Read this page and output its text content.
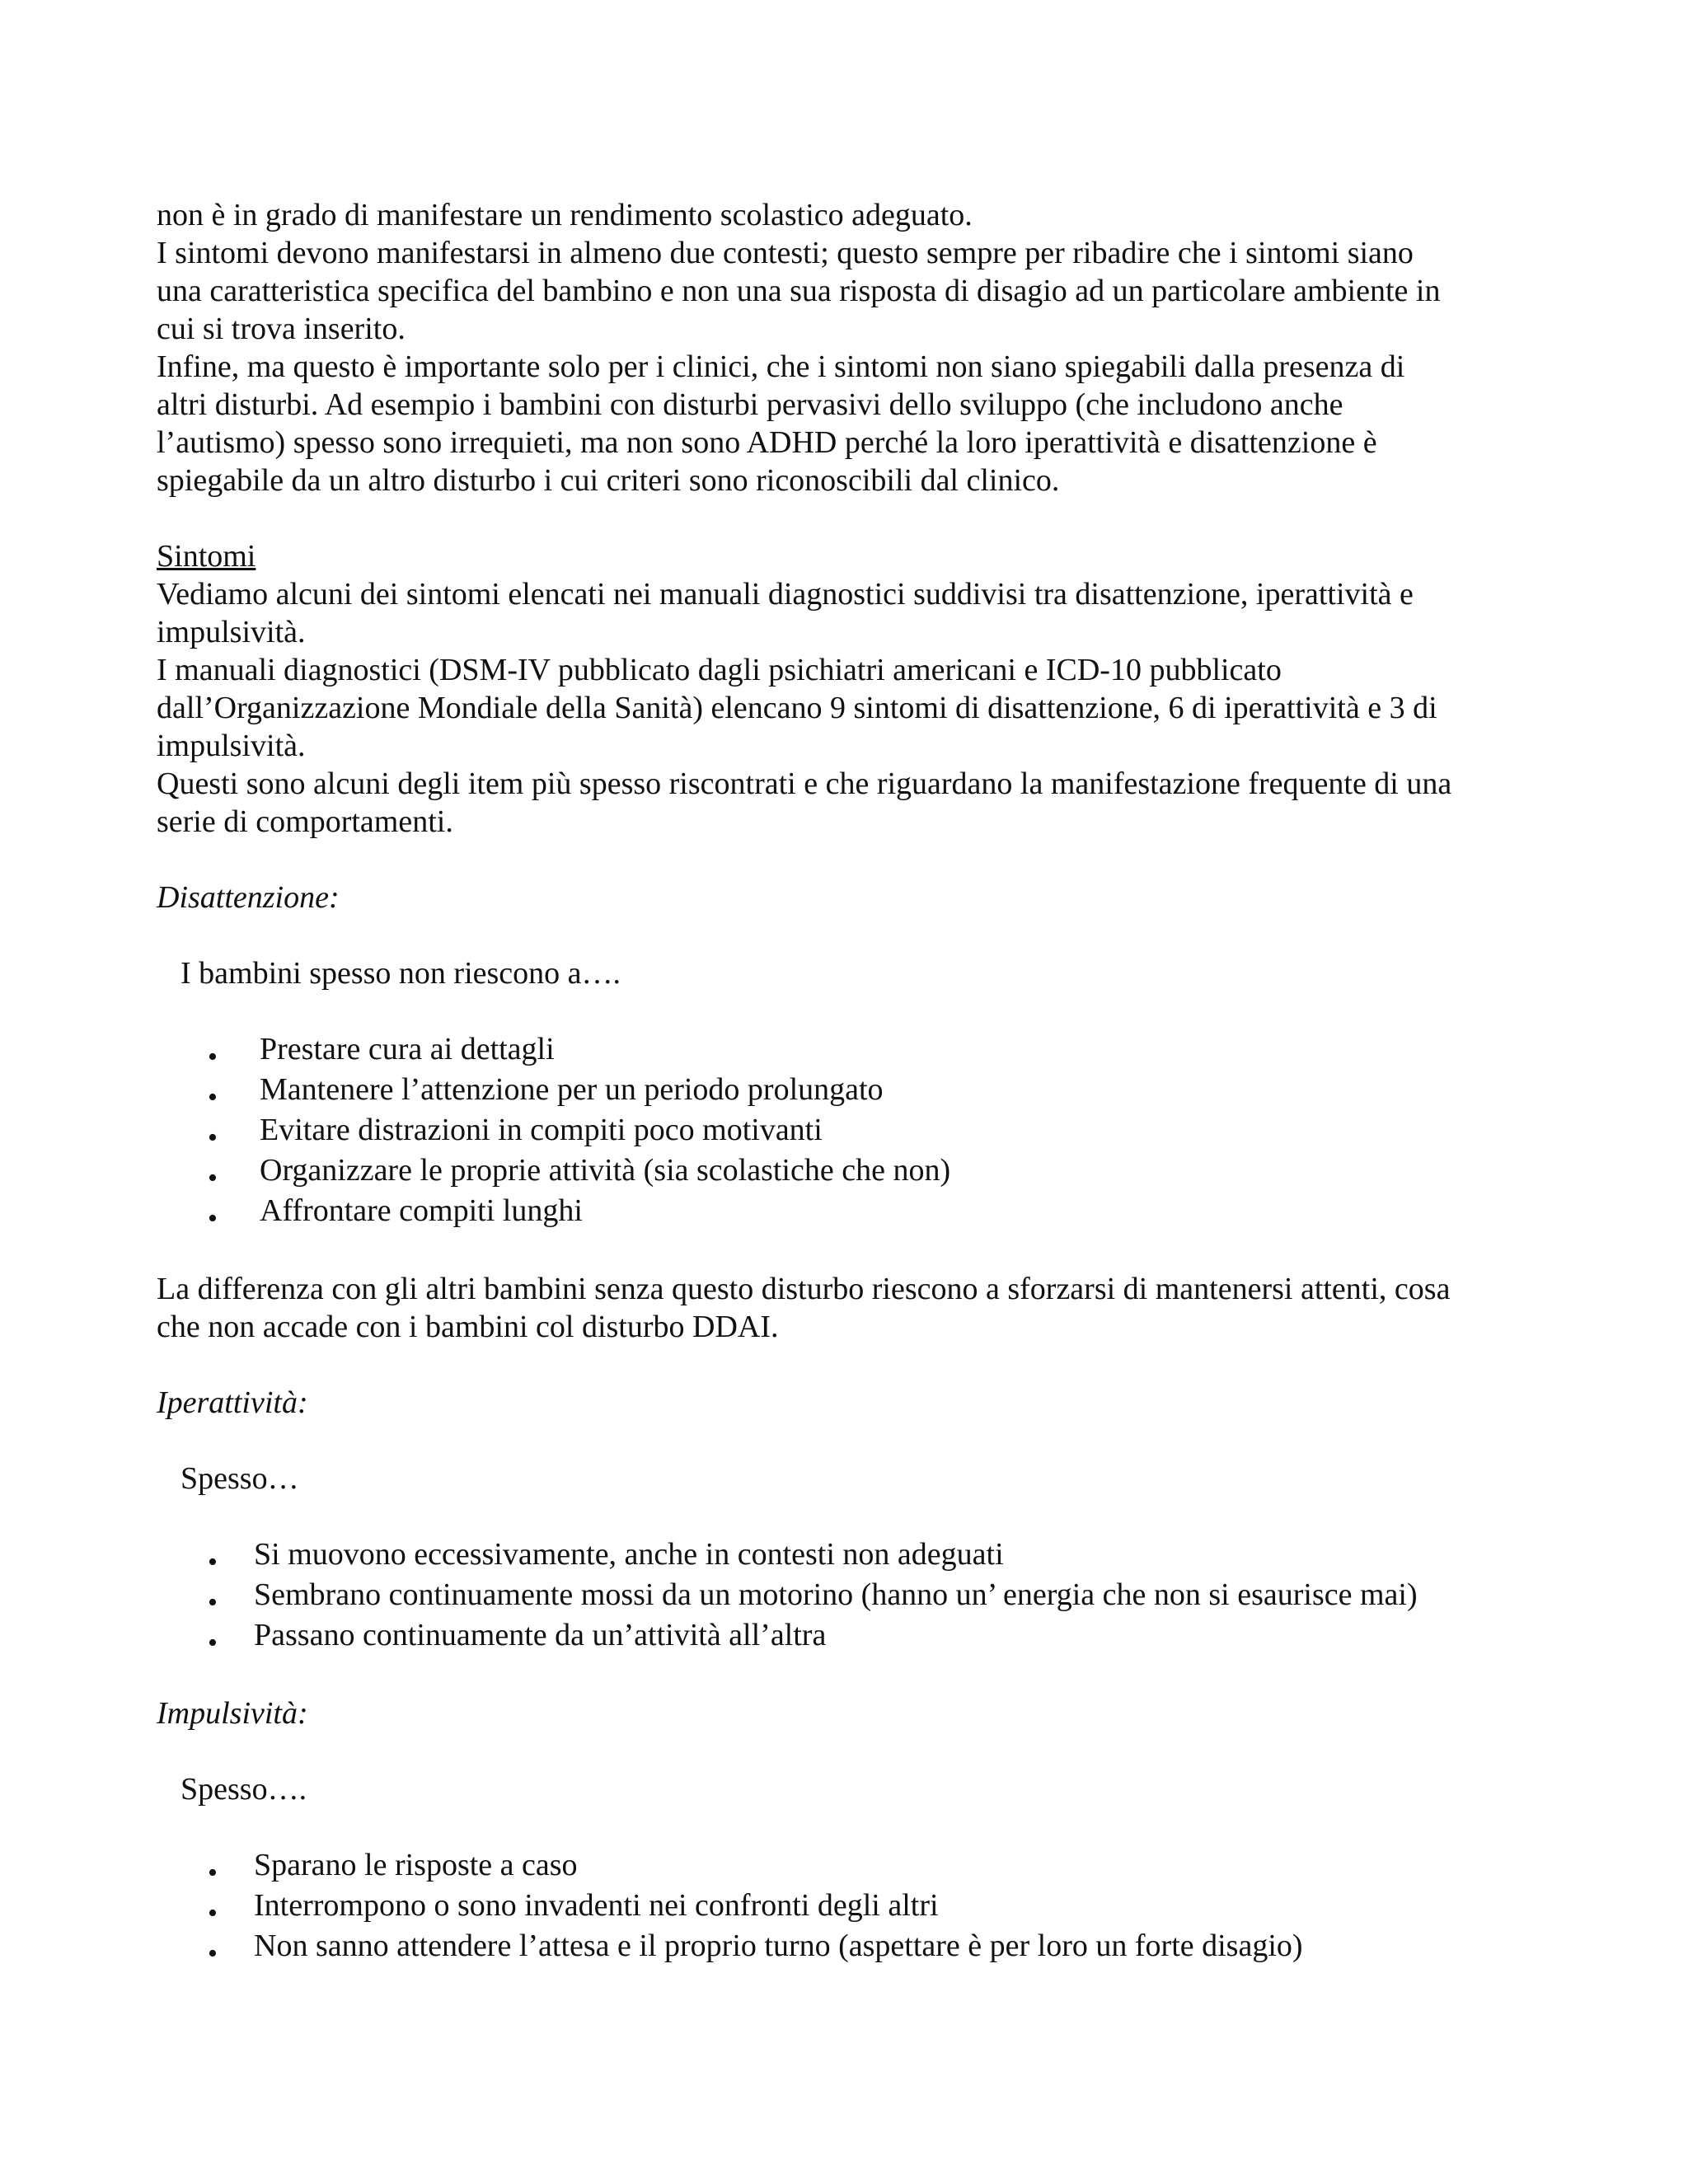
non è in grado di manifestare un rendimento scolastico adeguato.
I sintomi devono manifestarsi in almeno due contesti; questo sempre per ribadire che i sintomi siano
una caratteristica specifica del bambino e non una sua risposta di disagio ad un particolare ambiente in
cui si trova inserito.
Infine, ma questo è importante solo per i clinici, che i sintomi non siano spiegabili dalla presenza di
altri disturbi. Ad esempio i bambini con disturbi pervasivi dello sviluppo (che includono anche
l’autismo) spesso sono irrequieti, ma non sono ADHD perché la loro iperattività e disattenzione è
spiegabile da un altro disturbo i cui criteri sono riconoscibili dal clinico.
Sintomi
Vediamo alcuni dei sintomi elencati nei manuali diagnostici suddivisi tra disattenzione, iperattività e
impulsività.
I manuali diagnostici (DSM-IV pubblicato dagli psichiatri americani e ICD-10 pubblicato
dall’Organizzazione Mondiale della Sanità) elencano 9 sintomi di disattenzione, 6 di iperattività e 3 di
impulsività.
Questi sono alcuni degli item più spesso riscontrati e che riguardano la manifestazione frequente di una
serie di comportamenti.
Disattenzione:
I bambini spesso non riescono a….
• Prestare cura ai dettagli
• Mantenere l’attenzione per un periodo prolungato
• Evitare distrazioni in compiti poco motivanti
• Organizzare le proprie attività (sia scolastiche che non)
• Affrontare compiti lunghi
La differenza con gli altri bambini senza questo disturbo riescono a sforzarsi di mantenersi attenti, cosa
che non accade con i bambini col disturbo DDAI.
Iperattività:
Spesso…
• Si muovono eccessivamente, anche in contesti non adeguati
• Sembrano continuamente mossi da un motorino (hanno un’ energia che non si esaurisce mai)
• Passano continuamente da un’attività all’altra
Impulsività:
Spesso….
• Sparano le risposte a caso
• Interrompono o sono invadenti nei confronti degli altri
• Non sanno attendere l’attesa e il proprio turno (aspettare è per loro un forte disagio)
